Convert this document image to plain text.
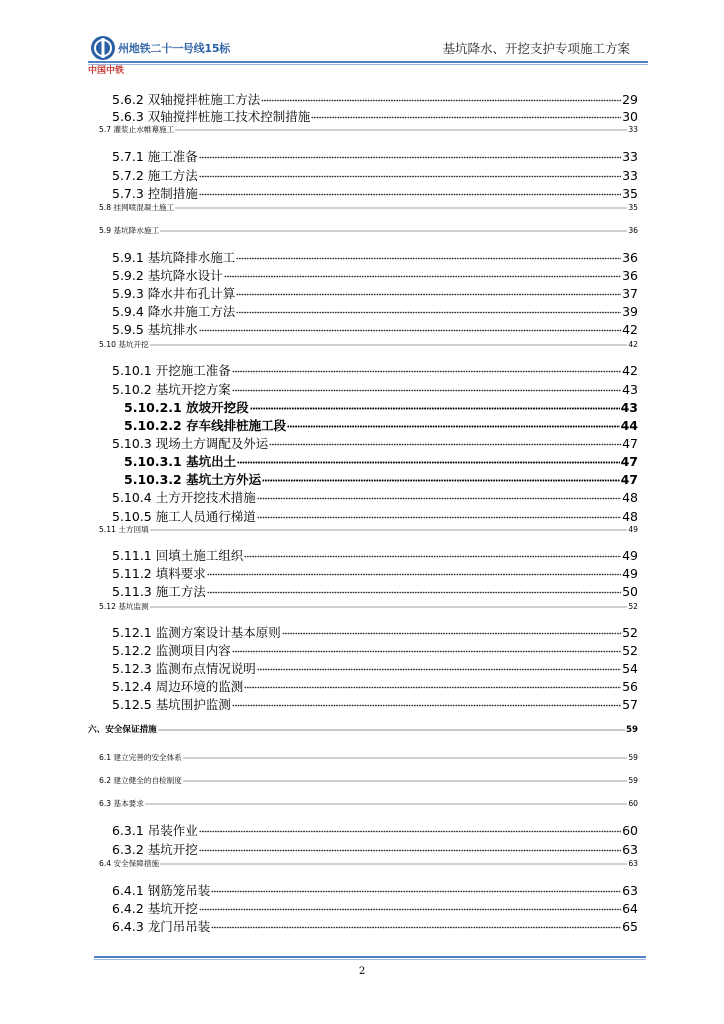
州地铁二十一号线15标
中国中铁
基坑降水、开挖支护专项施工方案
5.6.2 双轴搅拌桩施工方法	29
5.6.3 双轴搅拌桩施工技术控制措施	30
5.7 灌浆止水帷幕施工	33
5.7.1 施工准备	33
5.7.2 施工方法	33
5.7.3 控制措施	35
5.8 挂网喷混凝土施工	35
5.9 基坑降水施工	36
5.9.1 基坑降排水施工	36
5.9.2 基坑降水设计	36
5.9.3 降水井布孔计算	37
5.9.4 降水井施工方法	39
5.9.5 基坑排水	42
5.10 基坑开挖	42
5.10.1 开挖施工准备	42
5.10.2 基坑开挖方案	43
5.10.2.1 放坡开挖段	43
5.10.2.2 存车线排桩施工段	44
5.10.3 现场土方调配及外运	47
5.10.3.1 基坑出土	47
5.10.3.2 基坑土方外运	47
5.10.4 土方开挖技术措施	48
5.10.5 施工人员通行梯道	48
5.11 土方回填	49
5.11.1 回填土施工组织	49
5.11.2 填料要求	49
5.11.3 施工方法	50
5.12 基坑监测	52
5.12.1 监测方案设计基本原则	52
5.12.2 监测项目内容	52
5.12.3 监测布点情况说明	54
5.12.4 周边环境的监测	56
5.12.5 基坑围护监测	57
六、安全保证措施	59
6.1 建立完善的安全体系	59
6.2 建立健全的自检制度	59
6.3 基本要求	60
6.3.1 吊装作业	60
6.3.2 基坑开挖	63
6.4 安全保障措施	63
6.4.1 钢筋笼吊装	63
6.4.2 基坑开挖	64
6.4.3 龙门吊吊装	65
2
